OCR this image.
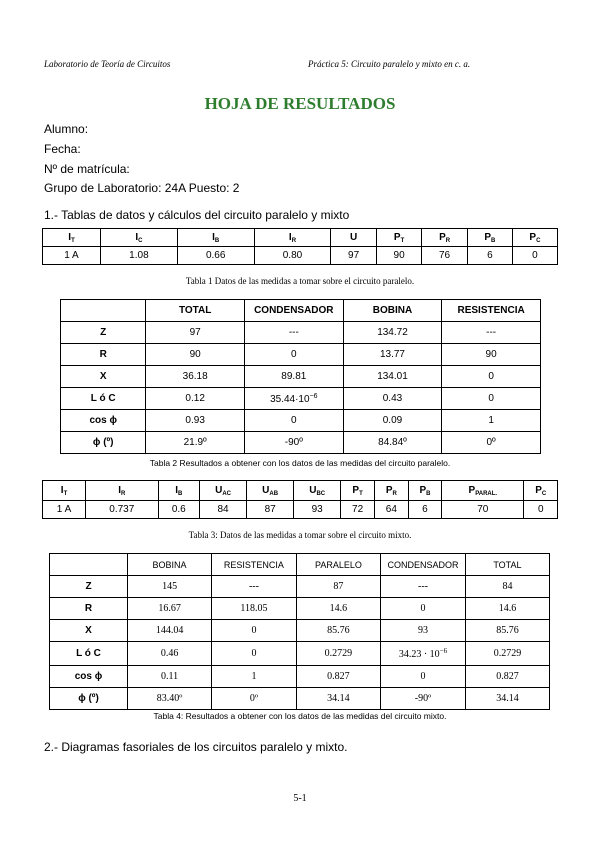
Laboratorio de Teoría de Circuitos	Práctica 5: Circuito paralelo y mixto en c. a.
HOJA DE RESULTADOS
Alumno:
Fecha:
Nº de matrícula:
Grupo de Laboratorio: 24A Puesto: 2
1.- Tablas de datos y cálculos del circuito paralelo y mixto
$I_T$	$I_C$	$I_B$	$I_R$	U	$P_T$	$P_R$	$P_B$	$P_C$
1 A	1.08	0.66	0.80	97	90	76	6	0
Tabla 1 Datos de las medidas a tomar sobre el circuito paralelo.
	TOTAL	CONDENSADOR	BOBINA	RESISTENCIA
Z	97	---	134.72	---
R	90	0	13.77	90
X	36.18	89.81	134.01	0
L ó C	0.12	$35.44\cdot 10^{-6}$	0.43	0
cos ϕ	0.93	0	0.09	1
ϕ (º)	21.9º	-90º	84.84º	0º
Tabla 2 Resultados a obtener con los datos de las medidas del circuito paralelo.
$I_T$	$I_R$	$I_B$	$U_{AC}$	$U_{AB}$	$U_{BC}$	$P_T$	$P_R$	$P_B$	$P_{PARAL.}$	$P_C$
1 A	0.737	0.6	84	87	93	72	64	6	70	0
Tabla 3: Datos de las medidas a tomar sobre el circuito mixto.
	BOBINA	RESISTENCIA	PARALELO	CONDENSADOR	TOTAL
Z	145	---	87	---	84
R	16.67	118.05	14.6	0	14.6
X	144.04	0	85.76	93	85.76
L ó C	0.46	0	0.2729	$34.23 \cdot 10^{-6}$	0.2729
cos ϕ	0.11	1	0.827	0	0.827
ϕ (º)	83.40º	0º	34.14	-90º	34.14
Tabla 4: Resultados a obtener con los datos de las medidas del circuito mixto.
2.- Diagramas fasoriales de los circuitos paralelo y mixto.
5-1
